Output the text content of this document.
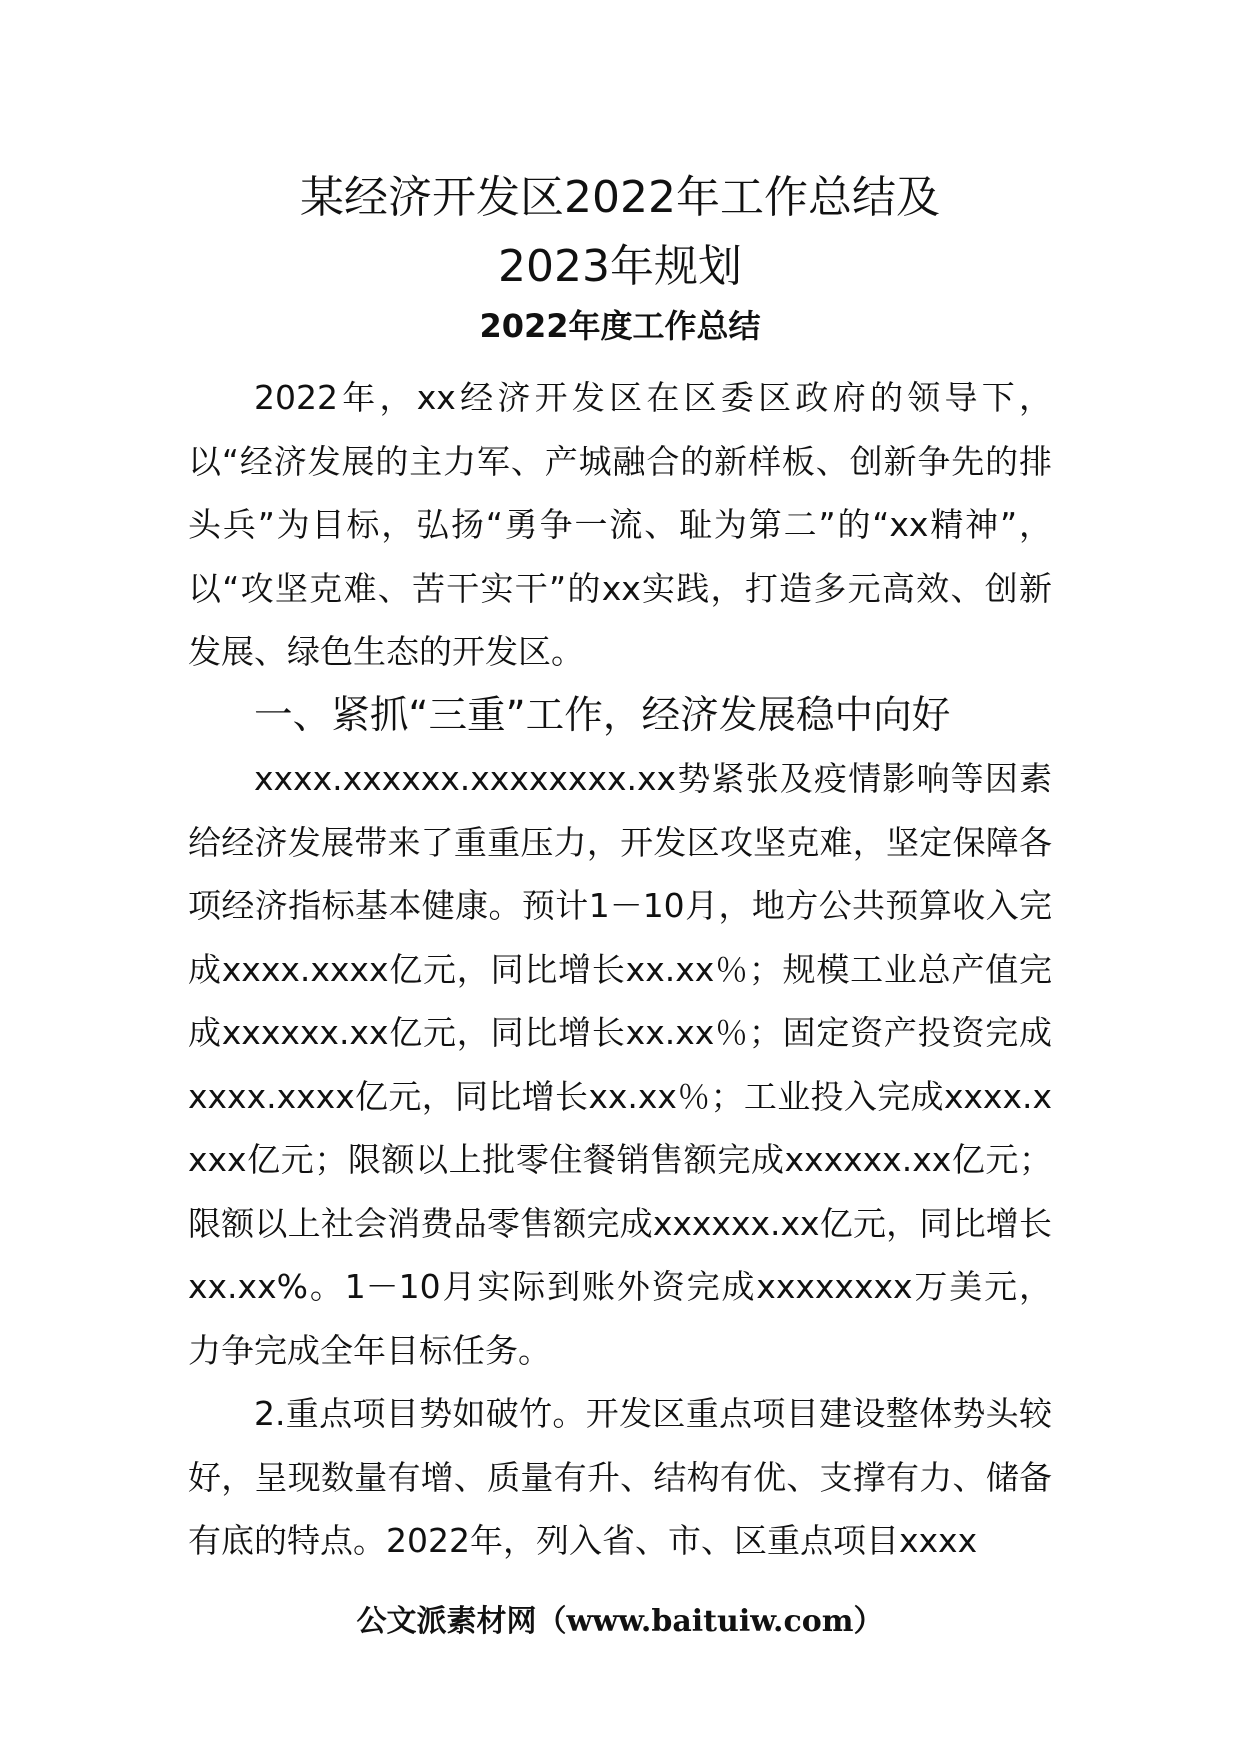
某经济开发区2022年工作总结及
2023年规划
2022年度工作总结

2022年，xx经济开发区在区委区政府的领导下，以“经济发展的主力军、产城融合的新样板、创新争先的排头兵”为目标，弘扬“勇争一流、耻为第二”的“xx精神”，以“攻坚克难、苦干实干”的xx实践，打造多元高效、创新发展、绿色生态的开发区。

一、紧抓“三重”工作，经济发展稳中向好

xxxx.xxxxxx.xxxxxxxx.xx势紧张及疫情影响等因素给经济发展带来了重重压力，开发区攻坚克难，坚定保障各项经济指标基本健康。预计1－10月，地方公共预算收入完成xxxx.xxxx亿元，同比增长xx.xx％；规模工业总产值完成xxxxxx.xx亿元，同比增长xx.xx％；固定资产投资完成xxxx.xxxx亿元，同比增长xx.xx％；工业投入完成xxxx.xxxx亿元；限额以上批零住餐销售额完成xxxxxx.xx亿元；限额以上社会消费品零售额完成xxxxxx.xx亿元，同比增长xx.xx%。1－10月实际到账外资完成xxxxxxxx万美元，力争完成全年目标任务。

2.重点项目势如破竹。开发区重点项目建设整体势头较好，呈现数量有增、质量有升、结构有优、支撑有力、储备有底的特点。2022年，列入省、市、区重点项目xxxx

公文派素材网（www.baituiw.com）
